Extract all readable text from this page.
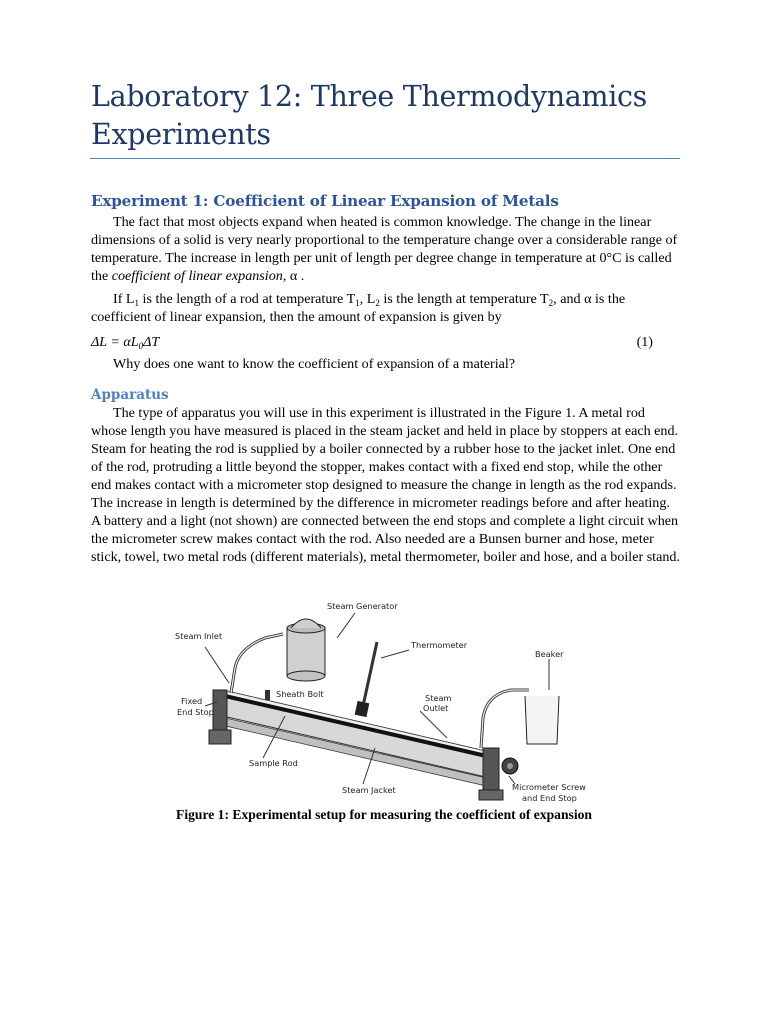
Laboratory 12: Three Thermodynamics Experiments
Experiment 1: Coefficient of Linear Expansion of Metals

The fact that most objects expand when heated is common knowledge. The change in the linear dimensions of a solid is very nearly proportional to the temperature change over a considerable range of temperature. The increase in length per unit of length per degree change in temperature at 0°C is called the coefficient of linear expansion, α .

If $L_1$ is the length of a rod at temperature $T_1$, $L_2$ is the length at temperature $T_2$, and α is the coefficient of linear expansion, then the amount of expansion is given by

$\Delta L = \alpha L_0\Delta T$	(1)

Why does one want to know the coefficient of expansion of a material?

Apparatus

The type of apparatus you will use in this experiment is illustrated in the Figure 1. A metal rod whose length you have measured is placed in the steam jacket and held in place by stoppers at each end. Steam for heating the rod is supplied by a boiler connected by a rubber hose to the jacket inlet. One end of the rod, protruding a little beyond the stopper, makes contact with a fixed end stop, while the other end makes contact with a micrometer stop designed to measure the change in length as the rod expands. The increase in length is determined by the difference in micrometer readings before and after heating. A battery and a light (not shown) are connected between the end stops and complete a light circuit when the micrometer screw makes contact with the rod. Also needed are a Bunsen burner and hose, meter stick, towel, two metal rods (different materials), metal thermometer, boiler and hose, and a boiler stand.

Steam Generator
Steam Inlet
Thermometer
Beaker
Fixed
End Stop
Sheath Bolt	Steam
Outlet
Sample Rod
Steam Jacket	Micrometer Screw
and End Stop
Figure 1: Experimental setup for measuring the coefficient of expansion
